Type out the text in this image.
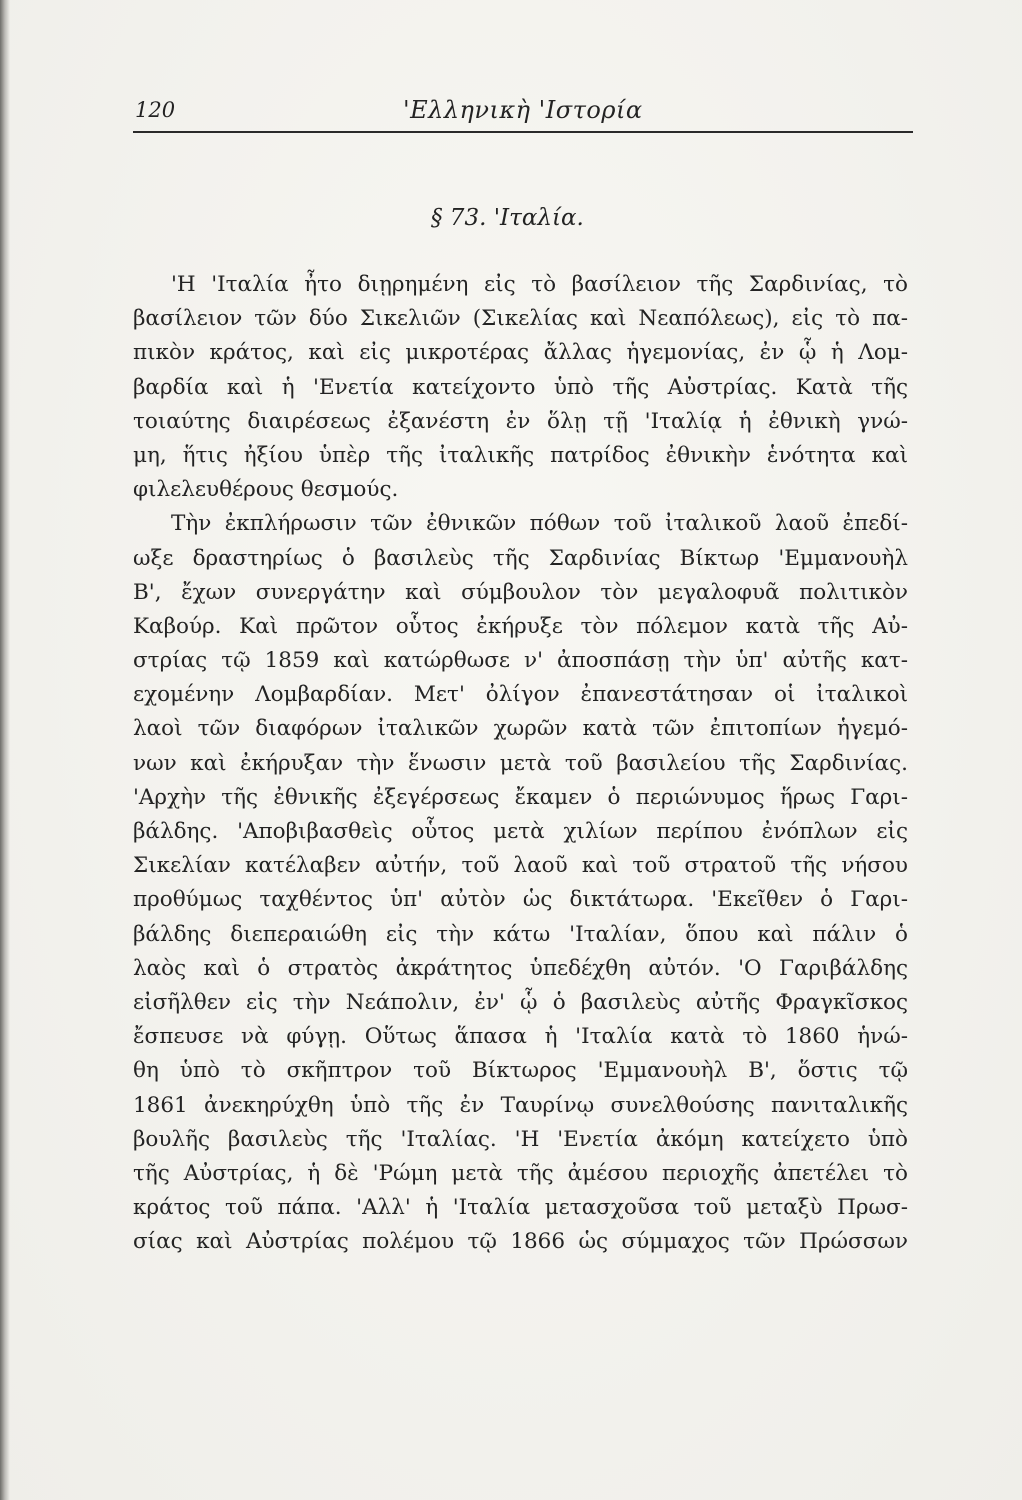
120	'Ελληνικὴ 'Ιστορία
§ 73. 'Ιταλία.
'Η 'Ιταλία ἦτο διῃρημένη εἰς τὸ βασίλειον τῆς Σαρδινίας, τὸ
βασίλειον τῶν δύο Σικελιῶν (Σικελίας καὶ Νεαπόλεως), εἰς τὸ πα-
πικὸν κράτος, καὶ εἰς μικροτέρας ἄλλας ἡγεμονίας, ἐν ᾧ ἡ Λομ-
βαρδία καὶ ἡ 'Ενετία κατείχοντο ὑπὸ τῆς Αὐστρίας. Κατὰ τῆς
τοιαύτης διαιρέσεως ἐξανέστη ἐν ὅλῃ τῇ 'Ιταλίᾳ ἡ ἐθνικὴ γνώ-
μη, ἥτις ἠξίου ὑπὲρ τῆς ἰταλικῆς πατρίδος ἐθνικὴν ἑνότητα καὶ
φιλελευθέρους θεσμούς.
Τὴν ἐκπλήρωσιν τῶν ἐθνικῶν πόθων τοῦ ἰταλικοῦ λαοῦ ἐπεδί-
ωξε δραστηρίως ὁ βασιλεὺς τῆς Σαρδινίας Βίκτωρ 'Εμμανουὴλ
Β', ἔχων συνεργάτην καὶ σύμβουλον τὸν μεγαλοφυᾶ πολιτικὸν
Καβούρ. Καὶ πρῶτον οὗτος ἐκήρυξε τὸν πόλεμον κατὰ τῆς Αὐ-
στρίας τῷ 1859 καὶ κατώρθωσε ν' ἀποσπάσῃ τὴν ὑπ' αὐτῆς κατ-
εχομένην Λομβαρδίαν. Μετ' ὀλίγον ἐπανεστάτησαν οἱ ἰταλικοὶ
λαοὶ τῶν διαφόρων ἰταλικῶν χωρῶν κατὰ τῶν ἐπιτοπίων ἡγεμό-
νων καὶ ἐκήρυξαν τὴν ἕνωσιν μετὰ τοῦ βασιλείου τῆς Σαρδινίας.
'Αρχὴν τῆς ἐθνικῆς ἐξεγέρσεως ἔκαμεν ὁ περιώνυμος ἥρως Γαρι-
βάλδης. 'Αποβιβασθεὶς οὗτος μετὰ χιλίων περίπου ἐνόπλων εἰς
Σικελίαν κατέλαβεν αὐτήν, τοῦ λαοῦ καὶ τοῦ στρατοῦ τῆς νήσου
προθύμως ταχθέντος ὑπ' αὐτὸν ὡς δικτάτωρα. 'Εκεῖθεν ὁ Γαρι-
βάλδης διεπεραιώθη εἰς τὴν κάτω 'Ιταλίαν, ὅπου καὶ πάλιν ὁ
λαὸς καὶ ὁ στρατὸς ἀκράτητος ὑπεδέχθη αὐτόν. 'Ο Γαριβάλδης
εἰσῆλθεν εἰς τὴν Νεάπολιν, ἐν' ᾧ ὁ βασιλεὺς αὐτῆς Φραγκῖσκος
ἔσπευσε νὰ φύγῃ. Οὕτως ἅπασα ἡ 'Ιταλία κατὰ τὸ 1860 ἡνώ-
θη ὑπὸ τὸ σκῆπτρον τοῦ Βίκτωρος 'Εμμανουὴλ Β', ὅστις τῷ
1861 ἀνεκηρύχθη ὑπὸ τῆς ἐν Ταυρίνῳ συνελθούσης πανιταλικῆς
βουλῆς βασιλεὺς τῆς 'Ιταλίας. 'Η 'Ενετία ἀκόμη κατείχετο ὑπὸ
τῆς Αὐστρίας, ἡ δὲ 'Ρώμη μετὰ τῆς ἀμέσου περιοχῆς ἀπετέλει τὸ
κράτος τοῦ πάπα. 'Αλλ' ἡ 'Ιταλία μετασχοῦσα τοῦ μεταξὺ Πρωσ-
σίας καὶ Αὐστρίας πολέμου τῷ 1866 ὡς σύμμαχος τῶν Πρώσσων
